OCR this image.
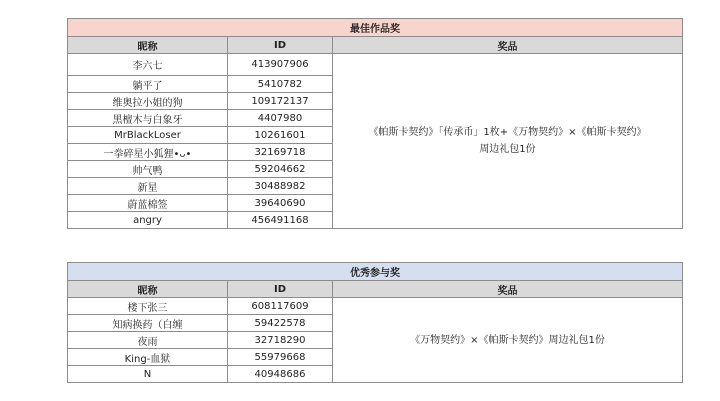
最佳作品奖		
昵称	ID	奖品
李六七	413907906	《帕斯卡契约》「传承币」1枚+《万物契约》×《帕斯卡契约》
周边礼包1份

躺平了	5410782	
维奥拉小姐的狗	109172137	
黑檀木与白象牙	4407980	
MrBlackLoser	10261601	
一拳碎星小狐狸•ᴗ•	32169718	
帅气鸭	59204662	
新星	30488982	
蔚蓝棉签	39640690	
angry	456491168	
优秀参与奖		
昵称	ID	奖品
楼下张三	608117609	《万物契约》×《帕斯卡契约》周边礼包1份
知病换药（白缠	59422578	
夜雨	32718290	
King-血狱	55979668	
N	40948686	
